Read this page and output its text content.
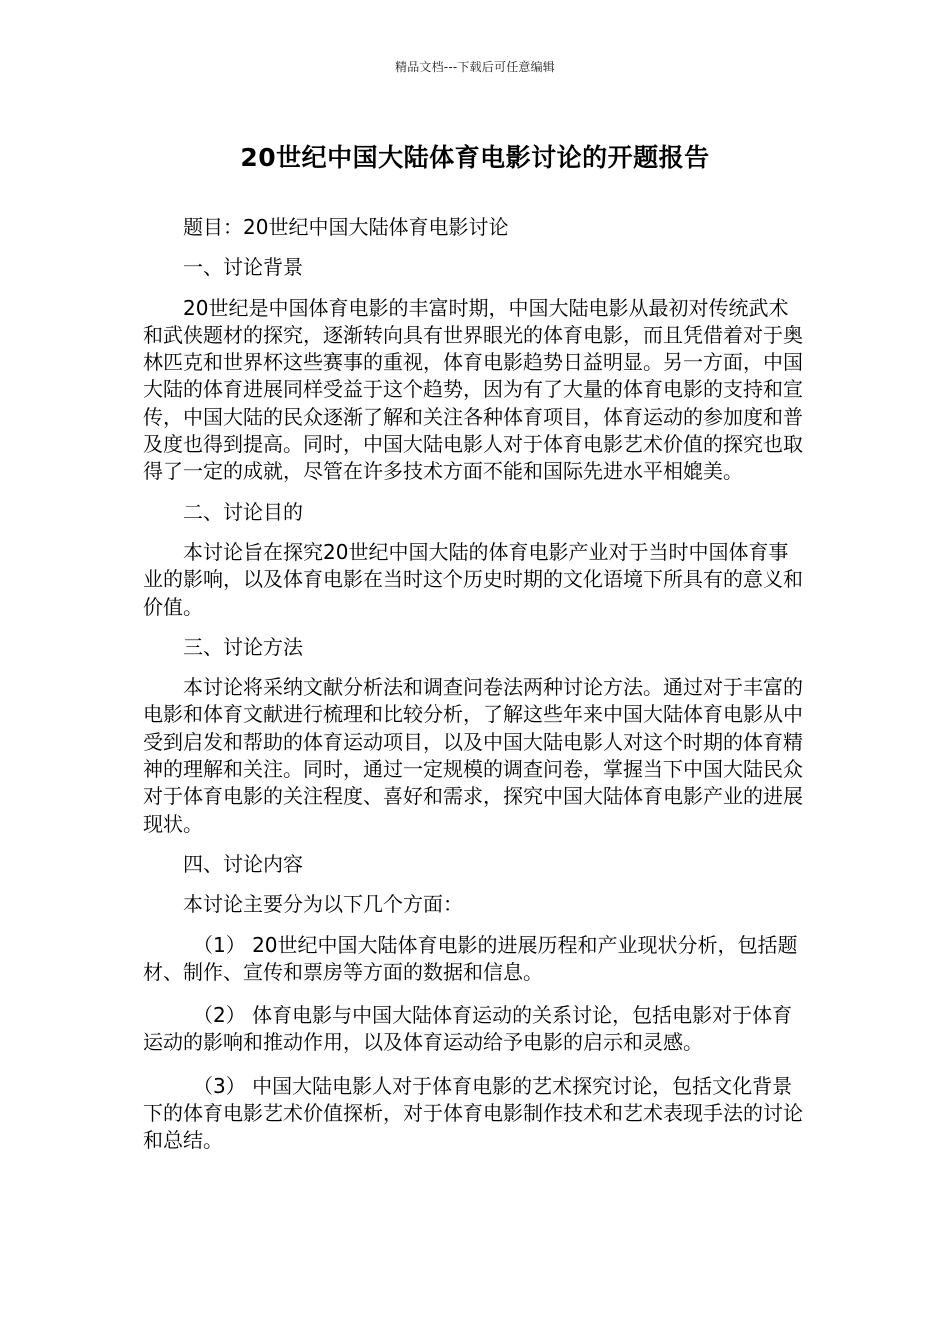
精品文档---下载后可任意编辑
20世纪中国大陆体育电影讨论的开题报告

题目：20世纪中国大陆体育电影讨论

一、讨论背景

20世纪是中国体育电影的丰富时期，中国大陆电影从最初对传统武术和武侠题材的探究，逐渐转向具有世界眼光的体育电影，而且凭借着对于奥林匹克和世界杯这些赛事的重视，体育电影趋势日益明显。另一方面，中国大陆的体育进展同样受益于这个趋势，因为有了大量的体育电影的支持和宣传，中国大陆的民众逐渐了解和关注各种体育项目，体育运动的参加度和普及度也得到提高。同时，中国大陆电影人对于体育电影艺术价值的探究也取得了一定的成就，尽管在许多技术方面不能和国际先进水平相媲美。

二、讨论目的

本讨论旨在探究20世纪中国大陆的体育电影产业对于当时中国体育事业的影响，以及体育电影在当时这个历史时期的文化语境下所具有的意义和价值。

三、讨论方法

本讨论将采纳文献分析法和调查问卷法两种讨论方法。通过对于丰富的电影和体育文献进行梳理和比较分析，了解这些年来中国大陆体育电影从中受到启发和帮助的体育运动项目，以及中国大陆电影人对这个时期的体育精神的理解和关注。同时，通过一定规模的调查问卷，掌握当下中国大陆民众对于体育电影的关注程度、喜好和需求，探究中国大陆体育电影产业的进展现状。

四、讨论内容

本讨论主要分为以下几个方面：

（1） 20世纪中国大陆体育电影的进展历程和产业现状分析，包括题材、制作、宣传和票房等方面的数据和信息。

（2） 体育电影与中国大陆体育运动的关系讨论，包括电影对于体育运动的影响和推动作用，以及体育运动给予电影的启示和灵感。

（3） 中国大陆电影人对于体育电影的艺术探究讨论，包括文化背景下的体育电影艺术价值探析，对于体育电影制作技术和艺术表现手法的讨论和总结。
